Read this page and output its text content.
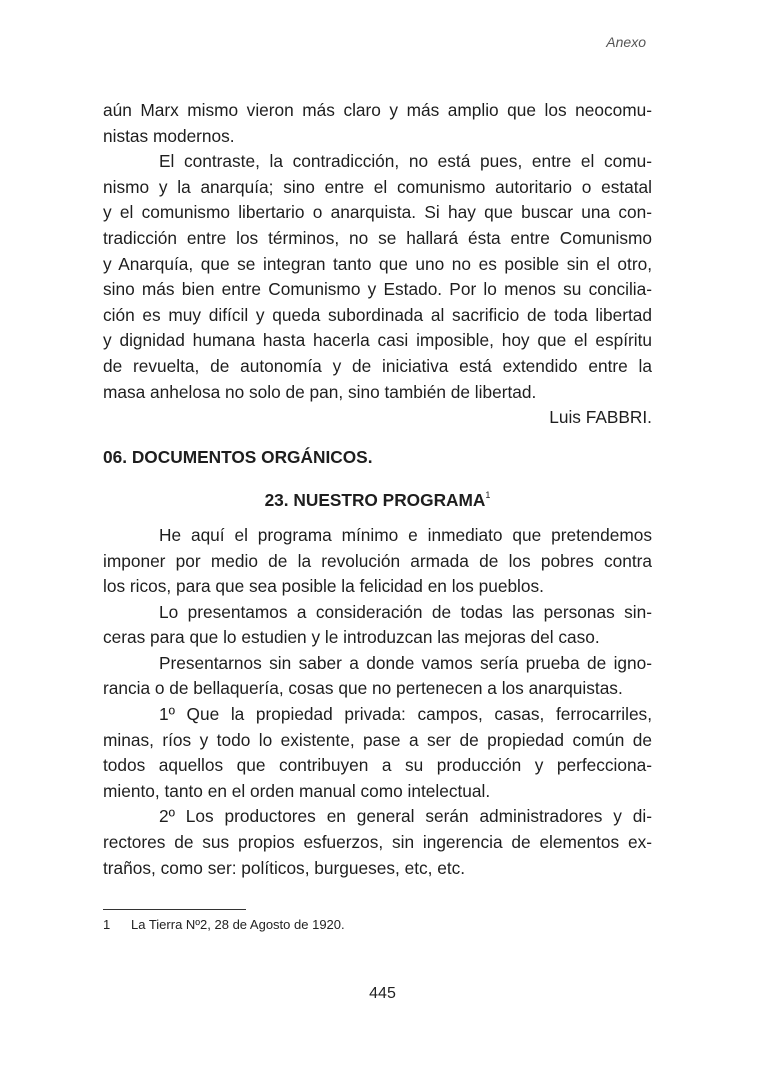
Anexo
aún Marx mismo vieron más claro y más amplio que los neocomu-
nistas modernos.
El contraste, la contradicción, no está pues, entre el comu-
nismo y la anarquía; sino entre el comunismo autoritario o estatal
y el comunismo libertario o anarquista. Si hay que buscar una con-
tradicción entre los términos, no se hallará ésta entre Comunismo
y Anarquía, que se integran tanto que uno no es posible sin el otro,
sino más bien entre Comunismo y Estado. Por lo menos su concilia-
ción es muy difícil y queda subordinada al sacrificio de toda libertad
y dignidad humana hasta hacerla casi imposible, hoy que el espíritu
de revuelta, de autonomía y de iniciativa está extendido entre la
masa anhelosa no solo de pan, sino también de libertad.
Luis FABBRI.
06. DOCUMENTOS ORGÁNICOS.
23. NUESTRO PROGRAMA$^1$
He aquí el programa mínimo e inmediato que pretendemos
imponer por medio de la revolución armada de los pobres contra
los ricos, para que sea posible la felicidad en los pueblos.
Lo presentamos a consideración de todas las personas sin-
ceras para que lo estudien y le introduzcan las mejoras del caso.
Presentarnos sin saber a donde vamos sería prueba de igno-
rancia o de bellaquería, cosas que no pertenecen a los anarquistas.
1º Que la propiedad privada: campos, casas, ferrocarriles,
minas, ríos y todo lo existente, pase a ser de propiedad común de
todos aquellos que contribuyen a su producción y perfecciona-
miento, tanto en el orden manual como intelectual.
2º Los productores en general serán administradores y di-
rectores de sus propios esfuerzos, sin ingerencia de elementos ex-
traños, como ser: políticos, burgueses, etc, etc.
1 La Tierra Nº2, 28 de Agosto de 1920.
445
